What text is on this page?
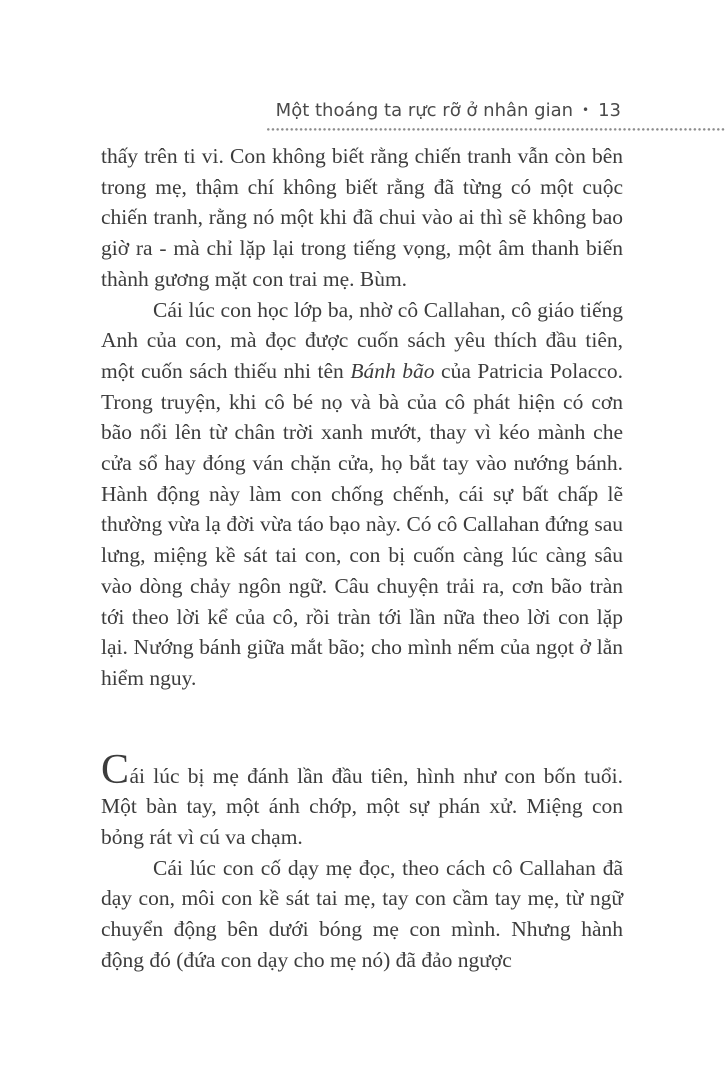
Một thoáng ta rực rỡ ở nhân gian • 13

thấy trên ti vi. Con không biết rằng chiến tranh vẫn còn bên trong mẹ, thậm chí không biết rằng đã từng có một cuộc chiến tranh, rằng nó một khi đã chui vào ai thì sẽ không bao giờ ra - mà chỉ lặp lại trong tiếng vọng, một âm thanh biến thành gương mặt con trai mẹ. Bùm.

Cái lúc con học lớp ba, nhờ cô Callahan, cô giáo tiếng Anh của con, mà đọc được cuốn sách yêu thích đầu tiên, một cuốn sách thiếu nhi tên Bánh bão của Patricia Polacco. Trong truyện, khi cô bé nọ và bà của cô phát hiện có cơn bão nổi lên từ chân trời xanh mướt, thay vì kéo mành che cửa sổ hay đóng ván chặn cửa, họ bắt tay vào nướng bánh. Hành động này làm con chống chếnh, cái sự bất chấp lẽ thường vừa lạ đời vừa táo bạo này. Có cô Callahan đứng sau lưng, miệng kề sát tai con, con bị cuốn càng lúc càng sâu vào dòng chảy ngôn ngữ. Câu chuyện trải ra, cơn bão tràn tới theo lời kể của cô, rồi tràn tới lần nữa theo lời con lặp lại. Nướng bánh giữa mắt bão; cho mình nếm của ngọt ở lằn hiểm nguy.

Cái lúc bị mẹ đánh lần đầu tiên, hình như con bốn tuổi. Một bàn tay, một ánh chớp, một sự phán xử. Miệng con bỏng rát vì cú va chạm.

Cái lúc con cố dạy mẹ đọc, theo cách cô Callahan đã dạy con, môi con kề sát tai mẹ, tay con cầm tay mẹ, từ ngữ chuyển động bên dưới bóng mẹ con mình. Nhưng hành động đó (đứa con dạy cho mẹ nó) đã đảo ngược
